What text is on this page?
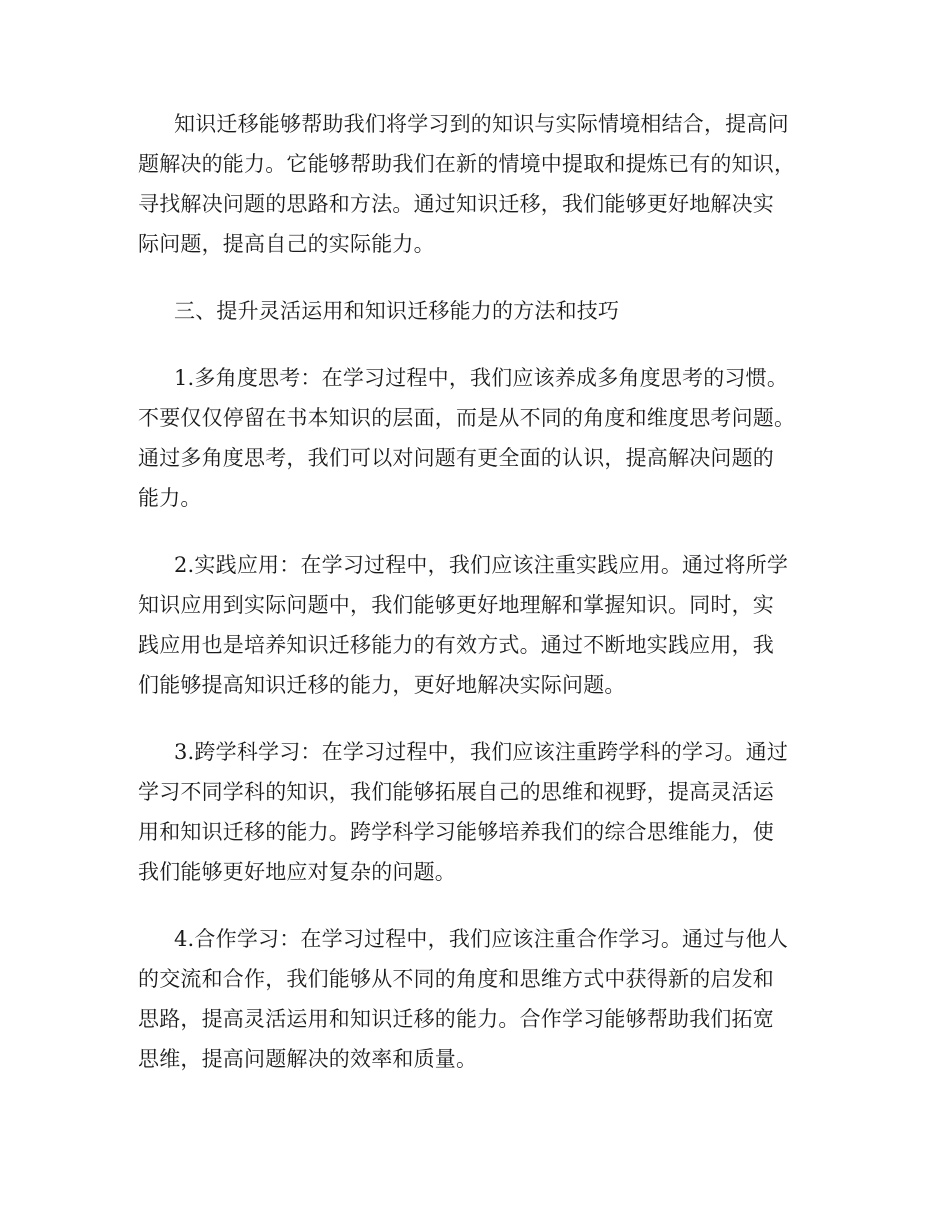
知识迁移能够帮助我们将学习到的知识与实际情境相结合，提高问
题解决的能力。它能够帮助我们在新的情境中提取和提炼已有的知识，
寻找解决问题的思路和方法。通过知识迁移，我们能够更好地解决实
际问题，提高自己的实际能力。
三、提升灵活运用和知识迁移能力的方法和技巧
1.多角度思考：在学习过程中，我们应该养成多角度思考的习惯。
不要仅仅停留在书本知识的层面，而是从不同的角度和维度思考问题。
通过多角度思考，我们可以对问题有更全面的认识，提高解决问题的
能力。
2.实践应用：在学习过程中，我们应该注重实践应用。通过将所学
知识应用到实际问题中，我们能够更好地理解和掌握知识。同时，实
践应用也是培养知识迁移能力的有效方式。通过不断地实践应用，我
们能够提高知识迁移的能力，更好地解决实际问题。
3.跨学科学习：在学习过程中，我们应该注重跨学科的学习。通过
学习不同学科的知识，我们能够拓展自己的思维和视野，提高灵活运
用和知识迁移的能力。跨学科学习能够培养我们的综合思维能力，使
我们能够更好地应对复杂的问题。
4.合作学习：在学习过程中，我们应该注重合作学习。通过与他人
的交流和合作，我们能够从不同的角度和思维方式中获得新的启发和
思路，提高灵活运用和知识迁移的能力。合作学习能够帮助我们拓宽
思维，提高问题解决的效率和质量。
